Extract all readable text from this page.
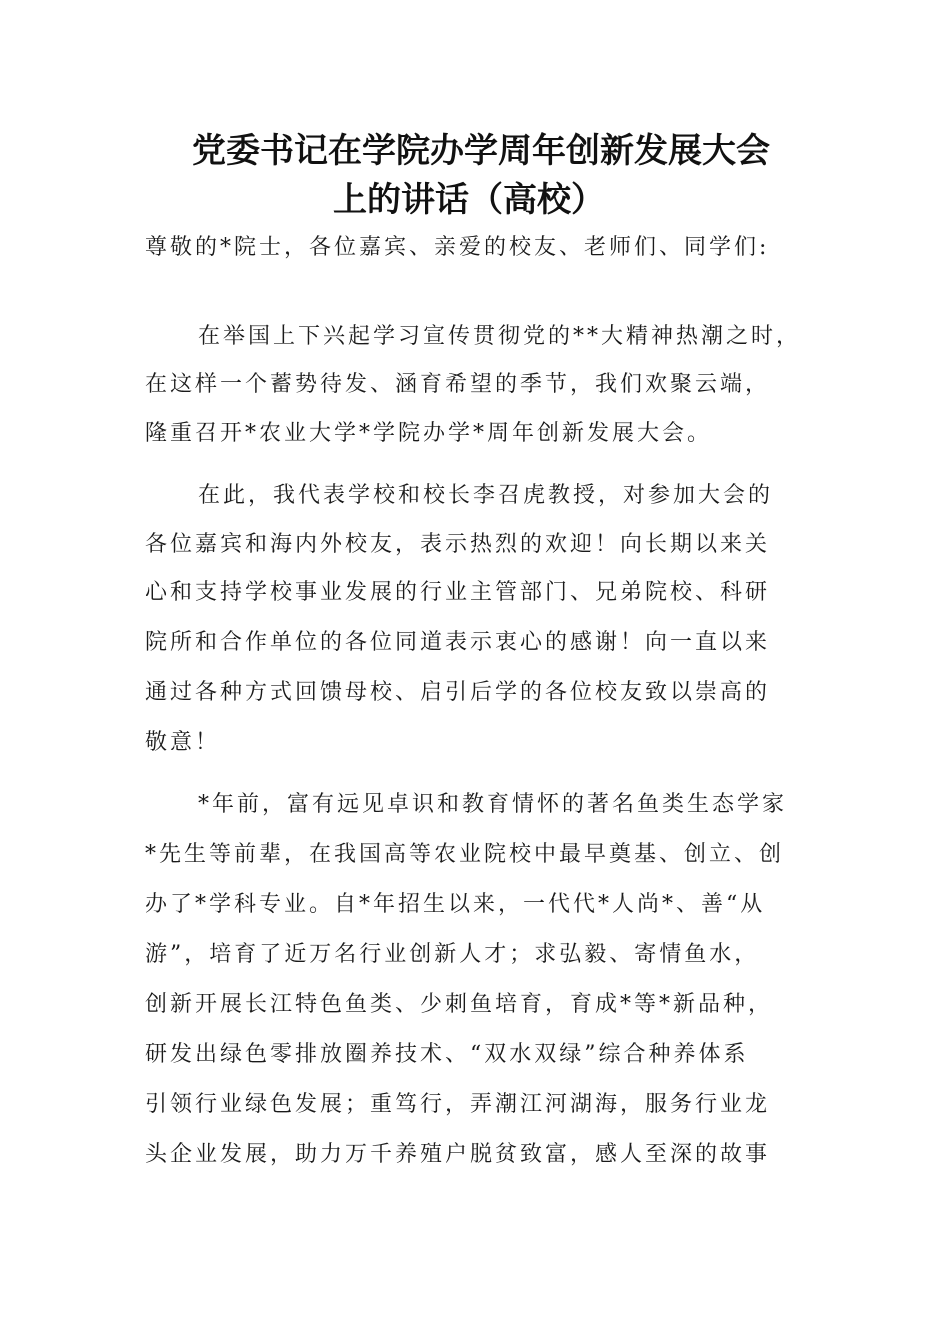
党委书记在学院办学周年创新发展大会
上的讲话（高校）
尊敬的*院士，各位嘉宾、亲爱的校友、老师们、同学们:
在举国上下兴起学习宣传贯彻党的**大精神热潮之时，
在这样一个蓄势待发、涵育希望的季节，我们欢聚云端，
隆重召开*农业大学*学院办学*周年创新发展大会。
在此，我代表学校和校长李召虎教授，对参加大会的
各位嘉宾和海内外校友，表示热烈的欢迎！向长期以来关
心和支持学校事业发展的行业主管部门、兄弟院校、科研
院所和合作单位的各位同道表示衷心的感谢！向一直以来
通过各种方式回馈母校、启引后学的各位校友致以崇高的
敬意！
*年前，富有远见卓识和教育情怀的著名鱼类生态学家
*先生等前辈，在我国高等农业院校中最早奠基、创立、创
办了*学科专业。自*年招生以来，一代代*人尚*、善“从
游”，培育了近万名行业创新人才；求弘毅、寄情鱼水，
创新开展长江特色鱼类、少刺鱼培育，育成*等*新品种，
研发出绿色零排放圈养技术、“双水双绿”综合种养体系
引领行业绿色发展；重笃行，弄潮江河湖海，服务行业龙
头企业发展，助力万千养殖户脱贫致富，感人至深的故事
